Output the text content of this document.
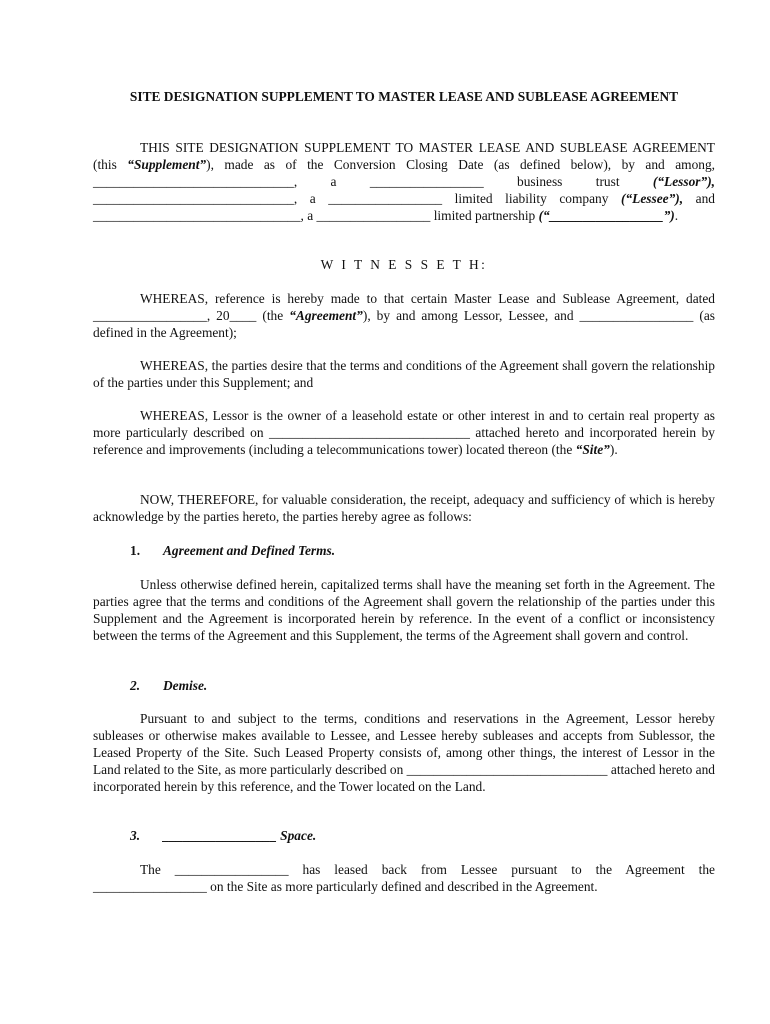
SITE DESIGNATION SUPPLEMENT TO MASTER LEASE AND SUBLEASE AGREEMENT

THIS SITE DESIGNATION SUPPLEMENT TO MASTER LEASE AND SUBLEASE AGREEMENT (this “Supplement”), made as of the Conversion Closing Date (as defined below), by and among, ______________________________, a _________________ business trust (“Lessor”), ______________________________, a _________________ limited liability company (“Lessee”), and _______________________________, a _________________ limited partnership (“_________________”).

W I T N E S S E T H:

WHEREAS, reference is hereby made to that certain Master Lease and Sublease Agreement, dated _________________, 20____ (the “Agreement”), by and among Lessor, Lessee, and _________________ (as defined in the Agreement);

WHEREAS, the parties desire that the terms and conditions of the Agreement shall govern the relationship of the parties under this Supplement; and

WHEREAS, Lessor is the owner of a leasehold estate or other interest in and to certain real property as more particularly described on ______________________________ attached hereto and incorporated herein by reference and improvements (including a telecommunications tower) located thereon (the “Site”).

NOW, THEREFORE, for valuable consideration, the receipt, adequacy and sufficiency of which is hereby acknowledge by the parties hereto, the parties hereby agree as follows:

1. Agreement and Defined Terms.

Unless otherwise defined herein, capitalized terms shall have the meaning set forth in the Agreement. The parties agree that the terms and conditions of the Agreement shall govern the relationship of the parties under this Supplement and the Agreement is incorporated herein by reference. In the event of a conflict or inconsistency between the terms of the Agreement and this Supplement, the terms of the Agreement shall govern and control.

2. Demise.

Pursuant to and subject to the terms, conditions and reservations in the Agreement, Lessor hereby subleases or otherwise makes available to Lessee, and Lessee hereby subleases and accepts from Sublessor, the Leased Property of the Site. Such Leased Property consists of, among other things, the interest of Lessor in the Land related to the Site, as more particularly described on ______________________________ attached hereto and incorporated herein by this reference, and the Tower located on the Land.

3. _________________ Space.

The _________________ has leased back from Lessee pursuant to the Agreement the _________________ on the Site as more particularly defined and described in the Agreement.
